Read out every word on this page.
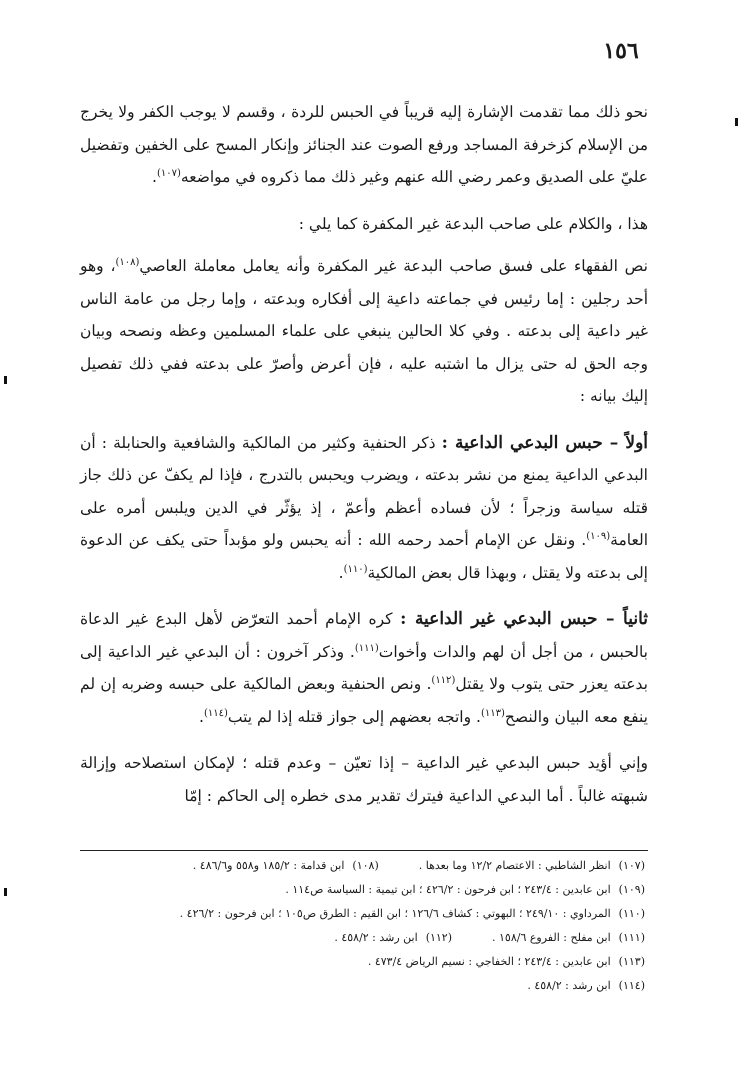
١٥٦

نحو ذلك مما تقدمت الإشارة إليه قريباً في الحبس للردة ، وقسم لا يوجب الكفر ولا يخرج من الإسلام كزخرفة المساجد ورفع الصوت عند الجنائز وإنكار المسح على الخفين وتفضيل عليّ على الصديق وعمر رضي الله عنهم وغير ذلك مما ذكروه في مواضعه$^{(١٠٧)}$.

هذا ، والكلام على صاحب البدعة غير المكفرة كما يلي :

نص الفقهاء على فسق صاحب البدعة غير المكفرة وأنه يعامل معاملة العاصي$^{(١٠٨)}$، وهو أحد رجلين : إما رئيس في جماعته داعية إلى أفكاره وبدعته ، وإما رجل من عامة الناس غير داعية إلى بدعته . وفي كلا الحالين ينبغي على علماء المسلمين وعظه ونصحه وبيان وجه الحق له حتى يزال ما اشتبه عليه ، فإن أعرض وأصرّ على بدعته ففي ذلك تفصيل إليك بيانه :

أولاً – حبس البدعي الداعية : ذكر الحنفية وكثير من المالكية والشافعية والحنابلة : أن البدعي الداعية يمنع من نشر بدعته ، ويضرب ويحبس بالتدرج ، فإذا لم يكفّ عن ذلك جاز قتله سياسة وزجراً ؛ لأن فساده أعظم وأعمّ ، إذ يؤثّر في الدين ويلبس أمره على العامة$^{(١٠٩)}$. ونقل عن الإمام أحمد رحمه الله : أنه يحبس ولو مؤبداً حتى يكف عن الدعوة إلى بدعته ولا يقتل ، وبهذا قال بعض المالكية$^{(١١٠)}$.

ثانياً – حبس البدعي غير الداعية : كره الإمام أحمد التعرّض لأهل البدع غير الدعاة بالحبس ، من أجل أن لهم والدات وأخوات$^{(١١١)}$. وذكر آخرون : أن البدعي غير الداعية إلى بدعته يعزر حتى يتوب ولا يقتل$^{(١١٢)}$. ونص الحنفية وبعض المالكية على حبسه وضربه إن لم ينفع معه البيان والنصح$^{(١١٣)}$. واتجه بعضهم إلى جواز قتله إذا لم يتب$^{(١١٤)}$.

وإني أؤيد حبس البدعي غير الداعية – إذا تعيّن – وعدم قتله ؛ لإمكان استصلاحه وإزالة شبهته غالباً . أما البدعي الداعية فيترك تقدير مدى خطره إلى الحاكم : إمّا

(١٠٧)انظر الشاطبي : الاعتصام ١٢/٢ وما بعدها .(١٠٨)ابن قدامة : ١٨٥/٢ و٥٥٨ و٤٨٦/٦ .
(١٠٩)ابن عابدين : ٢٤٣/٤ ؛ ابن فرحون : ٤٢٦/٢ ؛ ابن تيمية : السياسة ص١١٤ .
(١١٠)المرداوي : ٢٤٩/١٠ ؛ البهوتي : كشاف ١٢٦/٦ ؛ ابن القيم : الطرق ص١٠٥ ؛ ابن فرحون : ٤٢٦/٢ .
(١١١)ابن مفلح : الفروع ١٥٨/٦ .(١١٢)ابن رشد : ٤٥٨/٢ .
(١١٣)ابن عابدين : ٢٤٣/٤ ؛ الخفاجي : نسيم الرياض ٤٧٣/٤ .
(١١٤)ابن رشد : ٤٥٨/٢ .
